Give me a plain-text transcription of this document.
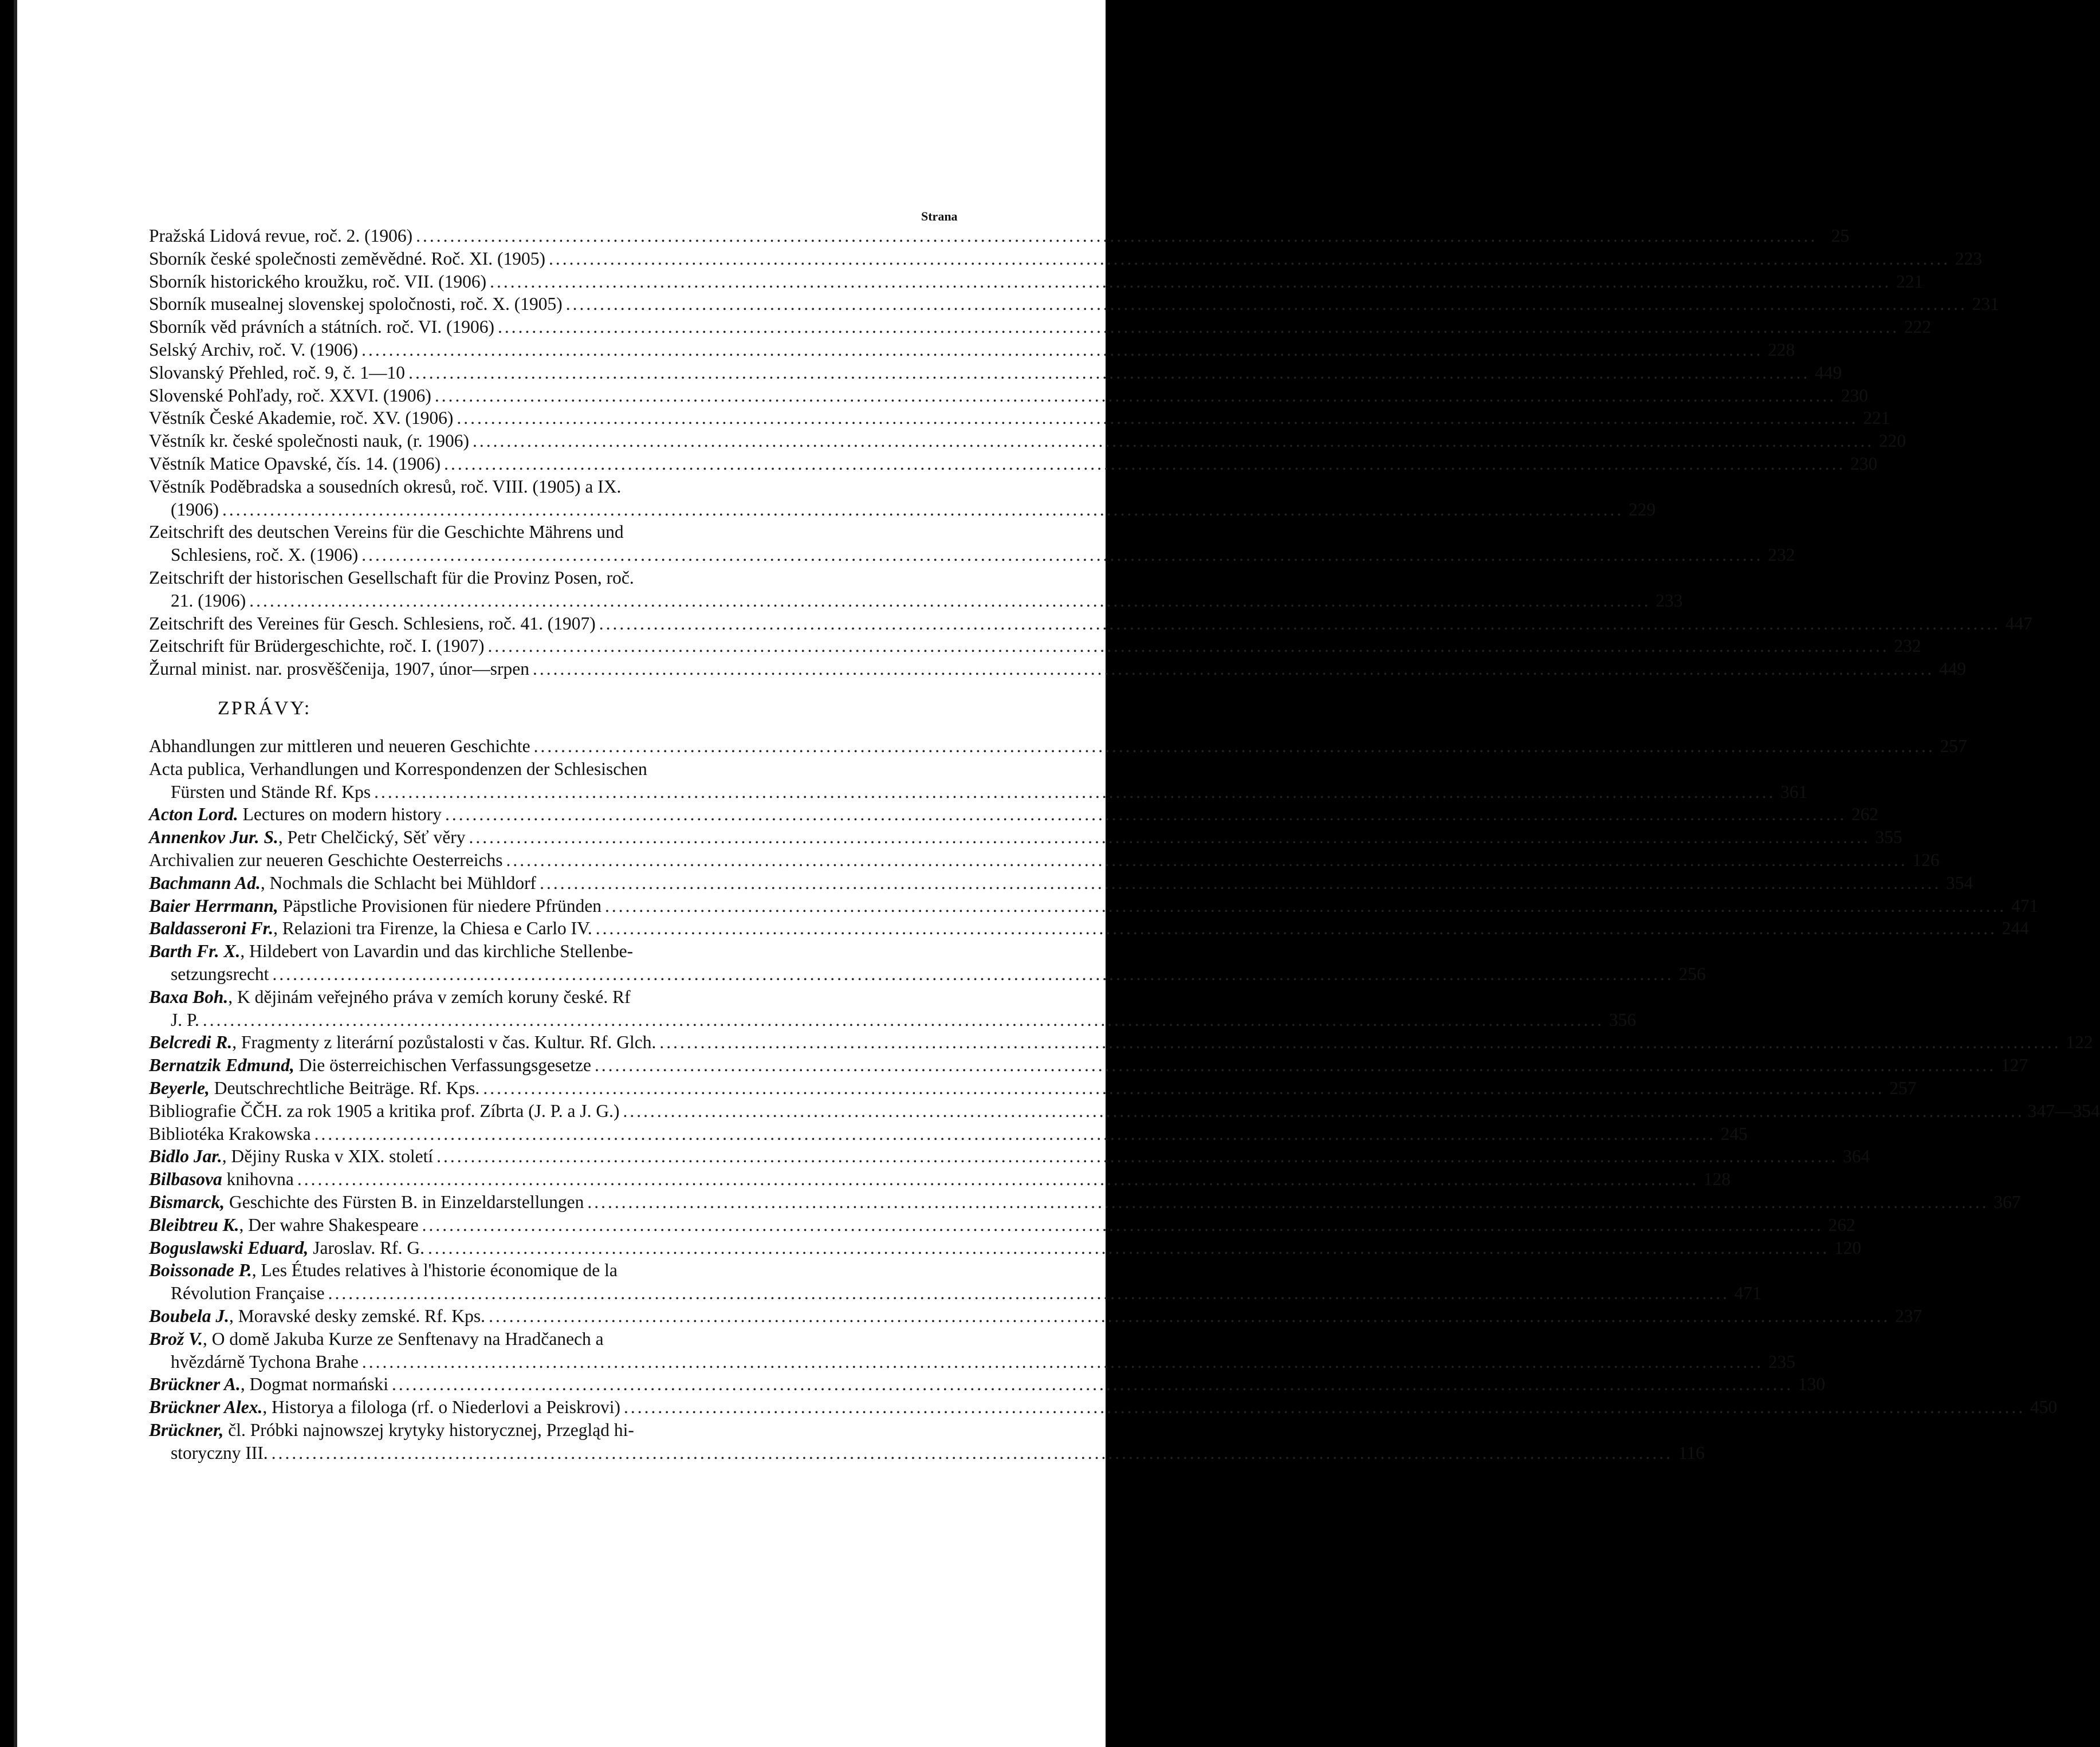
Strana
Pražská Lidová revue, roč. 2. (1906) .....	25
Sborník české společnosti zeměvědné. Roč. XI. (1905) .....	223
Sborník historického kroužku, roč. VII. (1906) .....	221
Sborník musealnej slovenskej spoločnosti, roč. X. (1905) .....	231
Sborník věd právních a státních. roč. VI. (1906) .....	222
Selský Archiv, roč. V. (1906) .....	228
Slovanský Přehled, roč. 9, č. 1—10 .....	449
Slovenské Pohľady, roč. XXVI. (1906) .....	230
Věstník České Akademie, roč. XV. (1906) .....	221
Věstník kr. české společnosti nauk, (r. 1906) .....	220
Věstník Matice Opavské, čís. 14. (1906) .....	230
Věstník Poděbradska a sousedních okresů, roč. VIII. (1905) a IX.
(1906) .....	229
Zeitschrift des deutschen Vereins für die Geschichte Mährens und
Schlesiens, roč. X. (1906) .....	232
Zeitschrift der historischen Gesellschaft für die Provinz Posen, roč.
21. (1906) .....	233
Zeitschrift des Vereines für Gesch. Schlesiens, roč. 41. (1907) .....	447
Zeitschrift für Brüdergeschichte, roč. I. (1907) .....	232
Žurnal minist. nar. prosvěščenija, 1907, únor—srpen .....	449
ZPRÁVY:
Abhandlungen zur mittleren und neueren Geschichte .....	257
Acta publica, Verhandlungen und Korrespondenzen der Schlesischen
Fürsten und Stände Rf. Kps .....	361
Acton Lord. Lectures on modern history .....	262
Annenkov Jur. S., Petr Chelčický, Sěť věry .....	355
Archivalien zur neueren Geschichte Oesterreichs .....	126
Bachmann Ad., Nochmals die Schlacht bei Mühldorf .....	354
Baier Herrmann, Päpstliche Provisionen für niedere Pfründen .....	471
Baldasseroni Fr., Relazioni tra Firenze, la Chiesa e Carlo IV. .....	244
Barth Fr. X., Hildebert von Lavardin und das kirchliche Stellenbe-
setzungsrecht .....	256
Baxa Boh., K dějinám veřejného práva v zemích koruny české. Rf
J. P. .....	356
Belcredi R., Fragmenty z literární pozůstalosti v čas. Kultur. Rf. Glch. .....	122
Bernatzik Edmund, Die österreichischen Verfassungsgesetze .....	127
Beyerle, Deutschrechtliche Beiträge. Rf. Kps. .....	257
Bibliografie ČČH. za rok 1905 a kritika prof. Zíbrta (J. P. a J. G.) .....	347—354
Bibliotéka Krakowska .....	245
Bidlo Jar., Dějiny Ruska v XIX. století .....	364
Bilbasova knihovna .....	128
Bismarck, Geschichte des Fürsten B. in Einzeldarstellungen .....	367
Bleibtreu K., Der wahre Shakespeare .....	262
Boguslawski Eduard, Jaroslav. Rf. G. .....	120
Boissonade P., Les Études relatives à l'historie économique de la
Révolution Française .....	471
Boubela J., Moravské desky zemské. Rf. Kps. .....	237
Brož V., O domě Jakuba Kurze ze Senftenavy na Hradčanech a
hvězdárně Tychona Brahe .....	235
Brückner A., Dogmat normański .....	130
Brückner Alex., Historya a filologa (rf. o Niederlovi a Peiskrovi) .....	450
Brückner, čl. Próbki najnowszej krytyky historycznej, Przegląd hi-
storyczny III. .....	116
